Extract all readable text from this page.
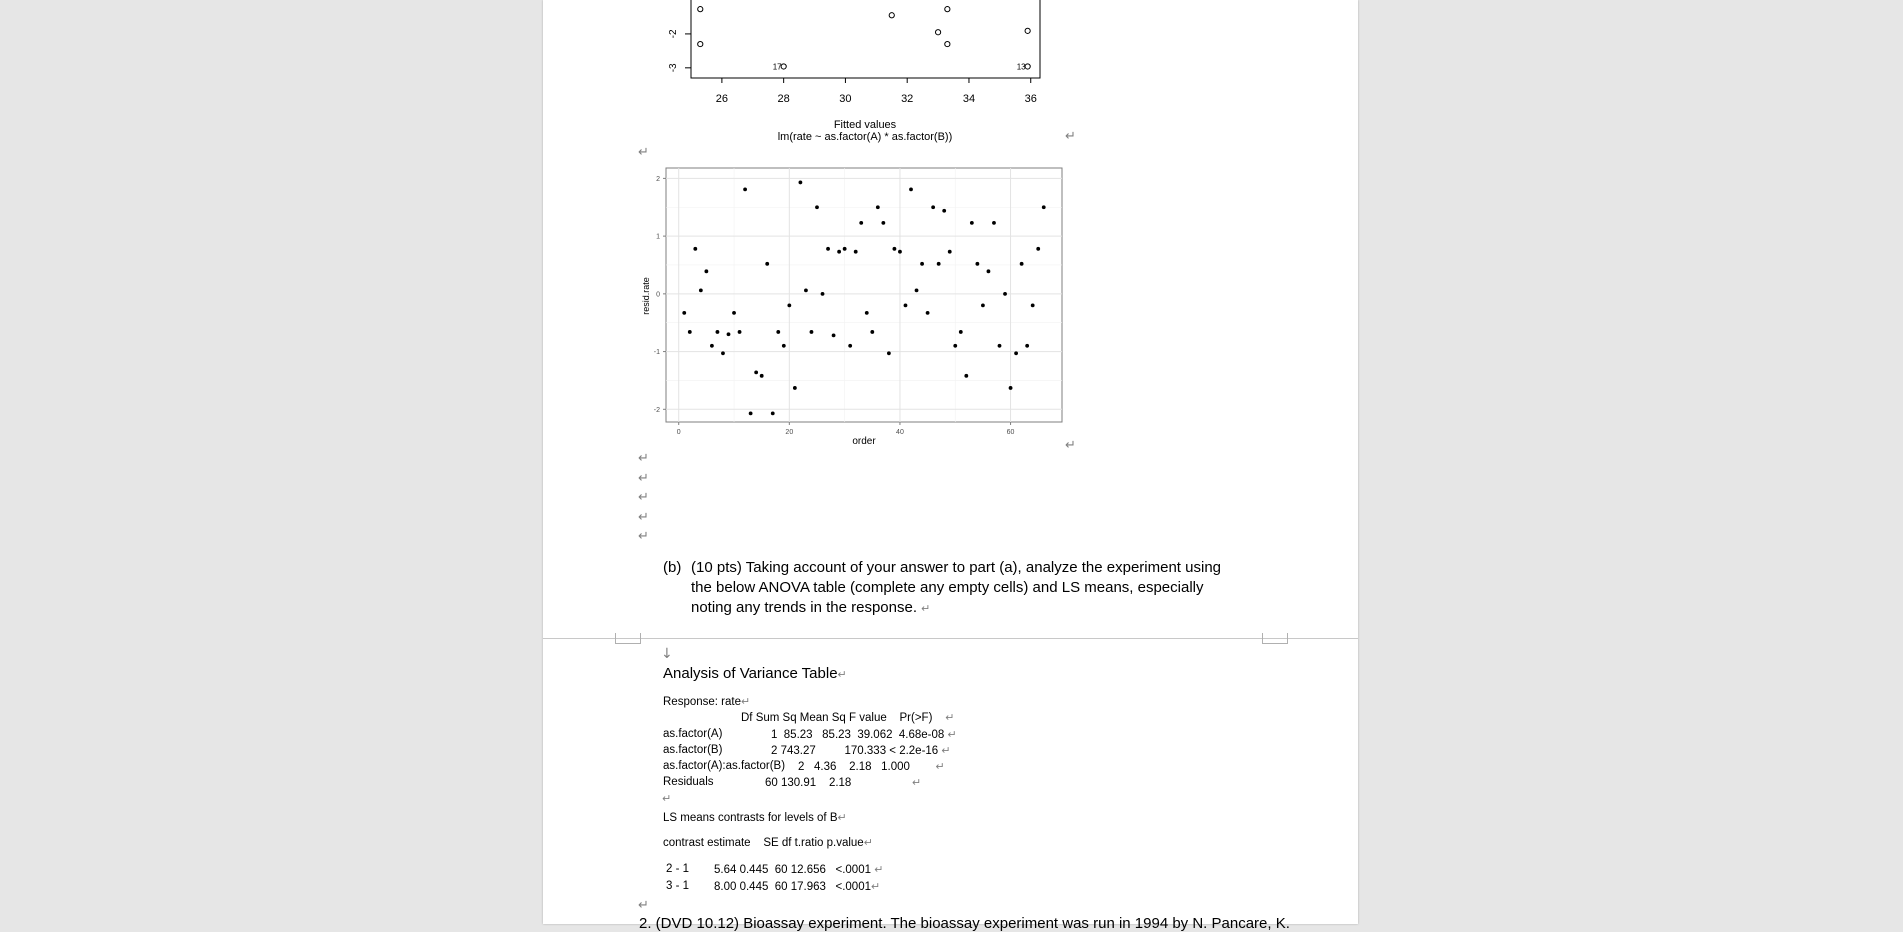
17	13
26	28	30	32	34	36
-2
-3
Fitted values
lm(rate ~ as.factor(A) * as.factor(B))	↵
↵
0	20	40	60
2
1
0
-1
-2
order
resid.rate
↵
↵
↵
↵
↵
↵
(b) (10 pts) Taking account of your answer to part (a), analyze the experiment using the below ANOVA table (complete any empty cells) and LS means, especially noting any trends in the response. ↵
↓
Analysis of Variance Table↵
Response: rate↵
Df Sum Sq Mean Sq F value    Pr(>F) ↵
as.factor(A)	1  85.23   85.23  39.062  4.68e-08 ↵
as.factor(B)	2 743.27         170.333 < 2.2e-16 ↵
as.factor(A):as.factor(B) 2   4.36    2.18   1.000 ↵
Residuals	60 130.91    2.18	↵
↵
LS means contrasts for levels of B↵
contrast estimate    SE df t.ratio p.value↵
2 - 1 5.64 0.445  60 12.656   <.0001 ↵
3 - 1 8.00 0.445  60 17.963   <.0001↵
↵
2. (DVD 10.12) Bioassay experiment. The bioassay experiment was run in 1994 by N. Pancare, K.
